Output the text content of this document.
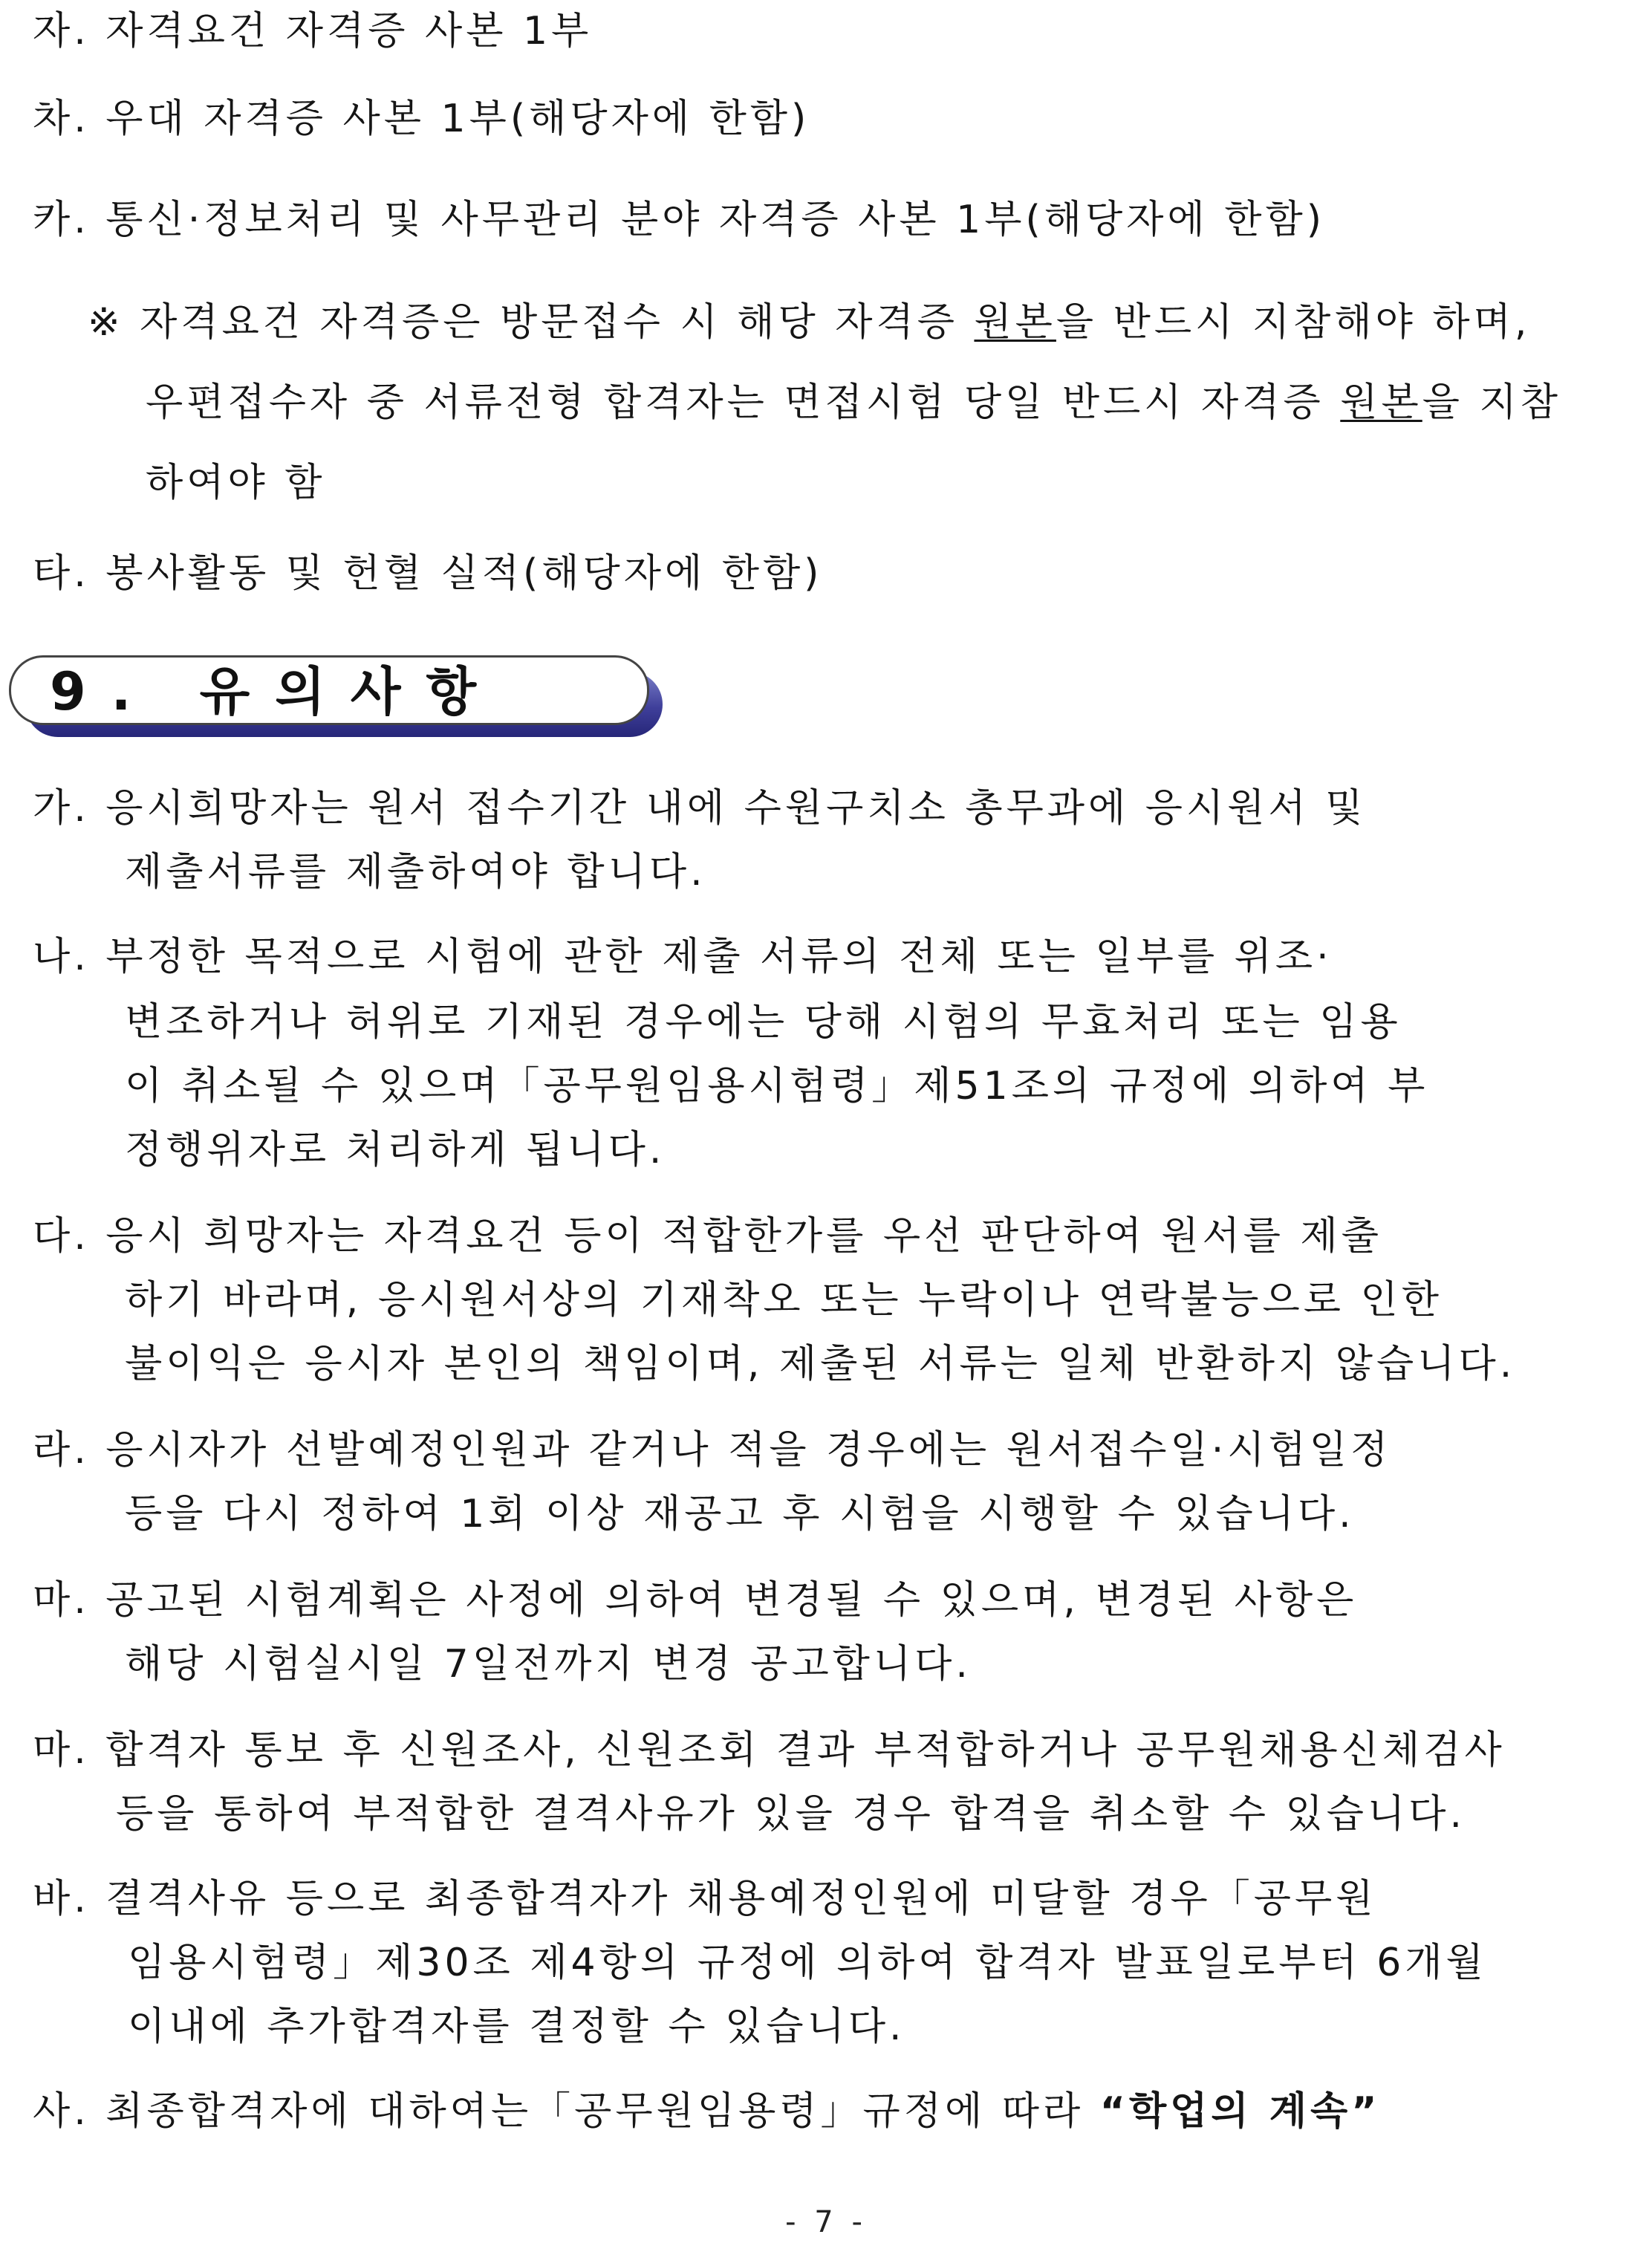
자. 자격요건 자격증 사본 1부
차. 우대 자격증 사본 1부(해당자에 한함)
카. 통신·정보처리 및 사무관리 분야 자격증 사본 1부(해당자에 한함)
※ 자격요건 자격증은 방문접수 시 해당 자격증 원본을 반드시 지참해야 하며,
우편접수자 중 서류전형 합격자는 면접시험 당일 반드시 자격증 원본을 지참
하여야 함
타. 봉사활동 및 헌혈 실적(해당자에 한함)
9. 유의사항
가. 응시희망자는 원서 접수기간 내에 수원구치소 총무과에 응시원서 및
제출서류를 제출하여야 합니다.
나. 부정한 목적으로 시험에 관한 제출 서류의 전체 또는 일부를 위조·
변조하거나 허위로 기재된 경우에는 당해 시험의 무효처리 또는 임용
이 취소될 수 있으며「공무원임용시험령」제51조의 규정에 의하여 부
정행위자로 처리하게 됩니다.
다. 응시 희망자는 자격요건 등이 적합한가를 우선 판단하여 원서를 제출
하기 바라며, 응시원서상의 기재착오 또는 누락이나 연락불능으로 인한
불이익은 응시자 본인의 책임이며, 제출된 서류는 일체 반환하지 않습니다.
라. 응시자가 선발예정인원과 같거나 적을 경우에는 원서접수일·시험일정
등을 다시 정하여 1회 이상 재공고 후 시험을 시행할 수 있습니다.
마. 공고된 시험계획은 사정에 의하여 변경될 수 있으며, 변경된 사항은
해당 시험실시일 7일전까지 변경 공고합니다.
마. 합격자 통보 후 신원조사, 신원조회 결과 부적합하거나 공무원채용신체검사
등을 통하여 부적합한 결격사유가 있을 경우 합격을 취소할 수 있습니다.
바. 결격사유 등으로 최종합격자가 채용예정인원에 미달할 경우「공무원
임용시험령」제30조 제4항의 규정에 의하여 합격자 발표일로부터 6개월
이내에 추가합격자를 결정할 수 있습니다.
사. 최종합격자에 대하여는「공무원임용령」규정에 따라 “학업의 계속”
- 7 -
